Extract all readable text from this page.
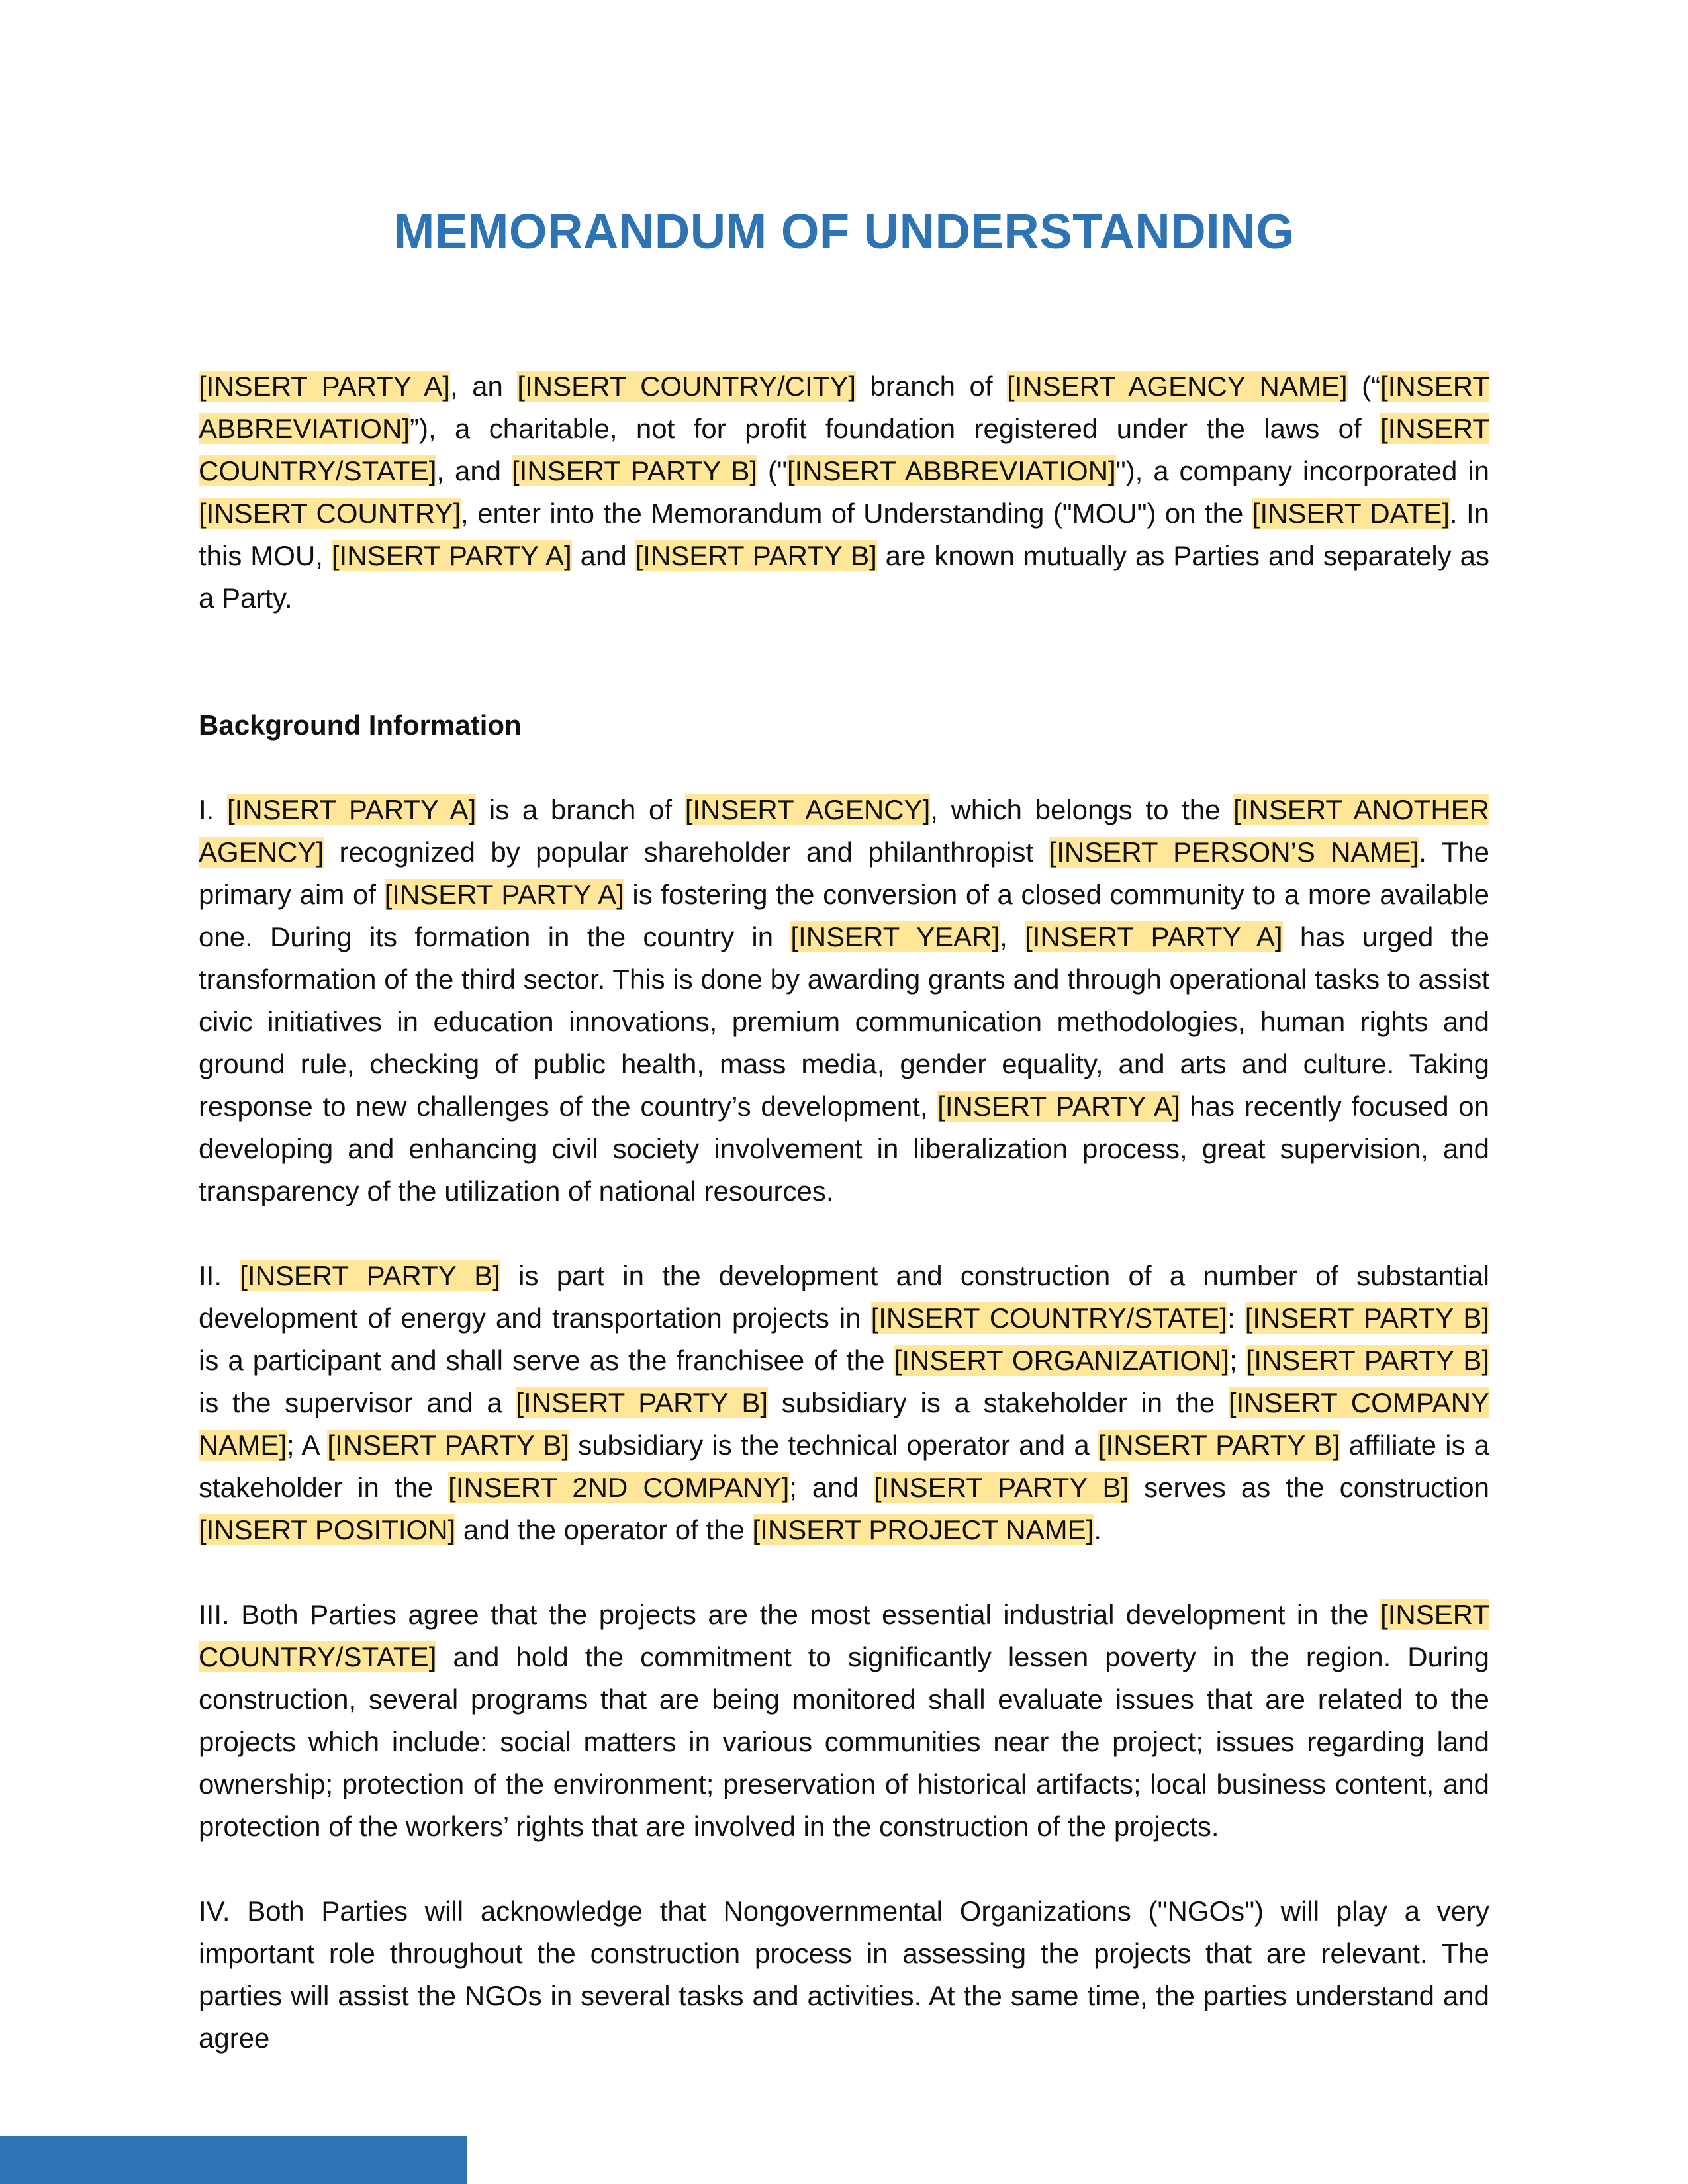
MEMORANDUM OF UNDERSTANDING

[INSERT PARTY A], an [INSERT COUNTRY/CITY] branch of [INSERT AGENCY NAME] (“[INSERT ABBREVIATION]”), a charitable, not for profit foundation registered under the laws of [INSERT COUNTRY/STATE], and [INSERT PARTY B] ("[INSERT ABBREVIATION]"), a company incorporated in [INSERT COUNTRY], enter into the Memorandum of Understanding ("MOU") on the [INSERT DATE]. In this MOU, [INSERT PARTY A] and [INSERT PARTY B] are known mutually as Parties and separately as a Party.

Background Information

I. [INSERT PARTY A] is a branch of [INSERT AGENCY], which belongs to the [INSERT ANOTHER AGENCY] recognized by popular shareholder and philanthropist [INSERT PERSON’S NAME]. The primary aim of [INSERT PARTY A] is fostering the conversion of a closed community to a more available one. During its formation in the country in [INSERT YEAR], [INSERT PARTY A] has urged the transformation of the third sector. This is done by awarding grants and through operational tasks to assist civic initiatives in education innovations, premium communication methodologies, human rights and ground rule, checking of public health, mass media, gender equality, and arts and culture. Taking response to new challenges of the country’s development, [INSERT PARTY A] has recently focused on developing and enhancing civil society involvement in liberalization process, great supervision, and transparency of the utilization of national resources.

II. [INSERT PARTY B] is part in the development and construction of a number of substantial development of energy and transportation projects in [INSERT COUNTRY/STATE]: [INSERT PARTY B] is a participant and shall serve as the franchisee of the [INSERT ORGANIZATION]; [INSERT PARTY B] is the supervisor and a [INSERT PARTY B] subsidiary is a stakeholder in the [INSERT COMPANY NAME]; A [INSERT PARTY B] subsidiary is the technical operator and a [INSERT PARTY B] affiliate is a stakeholder in the [INSERT 2ND COMPANY]; and [INSERT PARTY B] serves as the construction [INSERT POSITION] and the operator of the [INSERT PROJECT NAME].

III. Both Parties agree that the projects are the most essential industrial development in the [INSERT COUNTRY/STATE] and hold the commitment to significantly lessen poverty in the region. During construction, several programs that are being monitored shall evaluate issues that are related to the projects which include: social matters in various communities near the project; issues regarding land ownership; protection of the environment; preservation of historical artifacts; local business content, and protection of the workers’ rights that are involved in the construction of the projects.

IV. Both Parties will acknowledge that Nongovernmental Organizations ("NGOs") will play a very important role throughout the construction process in assessing the projects that are relevant. The parties will assist the NGOs in several tasks and activities. At the same time, the parties understand and agree
